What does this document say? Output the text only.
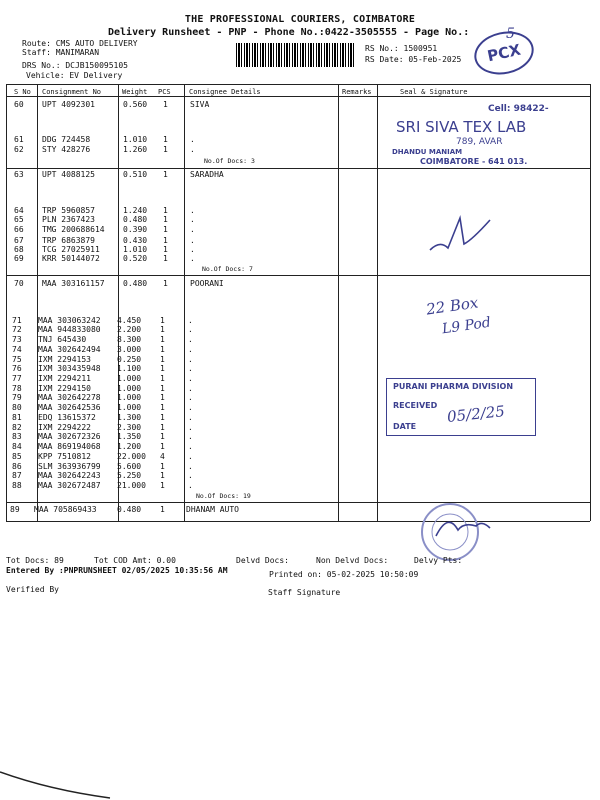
THE PROFESSIONAL COURIERS, COIMBATORE
Delivery Runsheet - PNP - Phone No.:0422-3505555 - Page No.:	5
Route: CMS AUTO DELIVERY
Staff: MANIMARAN
DRS No.: DCJB150095105
Vehicle: EV Delivery
RS No.: 1500951
RS Date: 05-Feb-2025	PCX
S No Consignment No	Weight PCS	Consignee Details	Remarks	Seal & Signature
60 UPT 4092301	0.560 1	SIVA
61 DDG 724458	1.010 1	.
62 STY 428276	1.260 1	.
No.Of Docs: 3
63 UPT 4088125	0.510 1	SARADHA
64 TRP 5960857	1.240 1	.
65 PLN 2367423	0.480 1	.
66 TMG 200688614 0.390 1	.
67 TRP 6863879	0.430 1	.
68 TCG 27025911	1.010 1	.
69 KRR 50144072	0.520 1	.
No.Of Docs: 7
70 MAA 303161157 0.480 1	POORANI
71 MAA 303063242 4.450 1	.
72 MAA 944833080 2.200 1	.
73 TNJ 645430	8.300 1	.
74 MAA 302642494 3.000 1	.
75 IXM 2294153	0.250 1	.
76 IXM 303435948 1.100 1	.
77 IXM 2294211	1.000 1	.
78 IXM 2294150	1.000 1	.
79 MAA 302642278 1.000 1	.
80 MAA 302642536 1.000 1	.
81 EDQ 13615372	1.300 1	.
82 IXM 2294222	2.300 1	.
83 MAA 302672326 1.350 1	.
84 MAA 869194068 1.200 1	.
85 KPP 7510812	22.000 4	.
86 SLM 363936799 5.600 1	.
87 MAA 302642243 5.250 1	.
88 MAA 302672487 21.000 1	.
No.Of Docs: 19
89 MAA 705869433	0.480 1	DHANAM AUTO
Cell: 98422-
SRI SIVA TEX LAB
789, AVAR
DHANDU MANIAM
COIMBATORE - 641 013.
22 Box
L9 Pod
PURANI PHARMA DIVISION
RECEIVED
DATE
05/2/25
Tot Docs: 89	Tot COD Amt: 0.00	Delvd Docs:	Non Delvd Docs:	Delvy Pts:
Entered By :PNPRUNSHEET 02/05/2025 10:35:56 AM	Printed on: 05-02-2025 10:50:09
Verified By	Staff Signature
